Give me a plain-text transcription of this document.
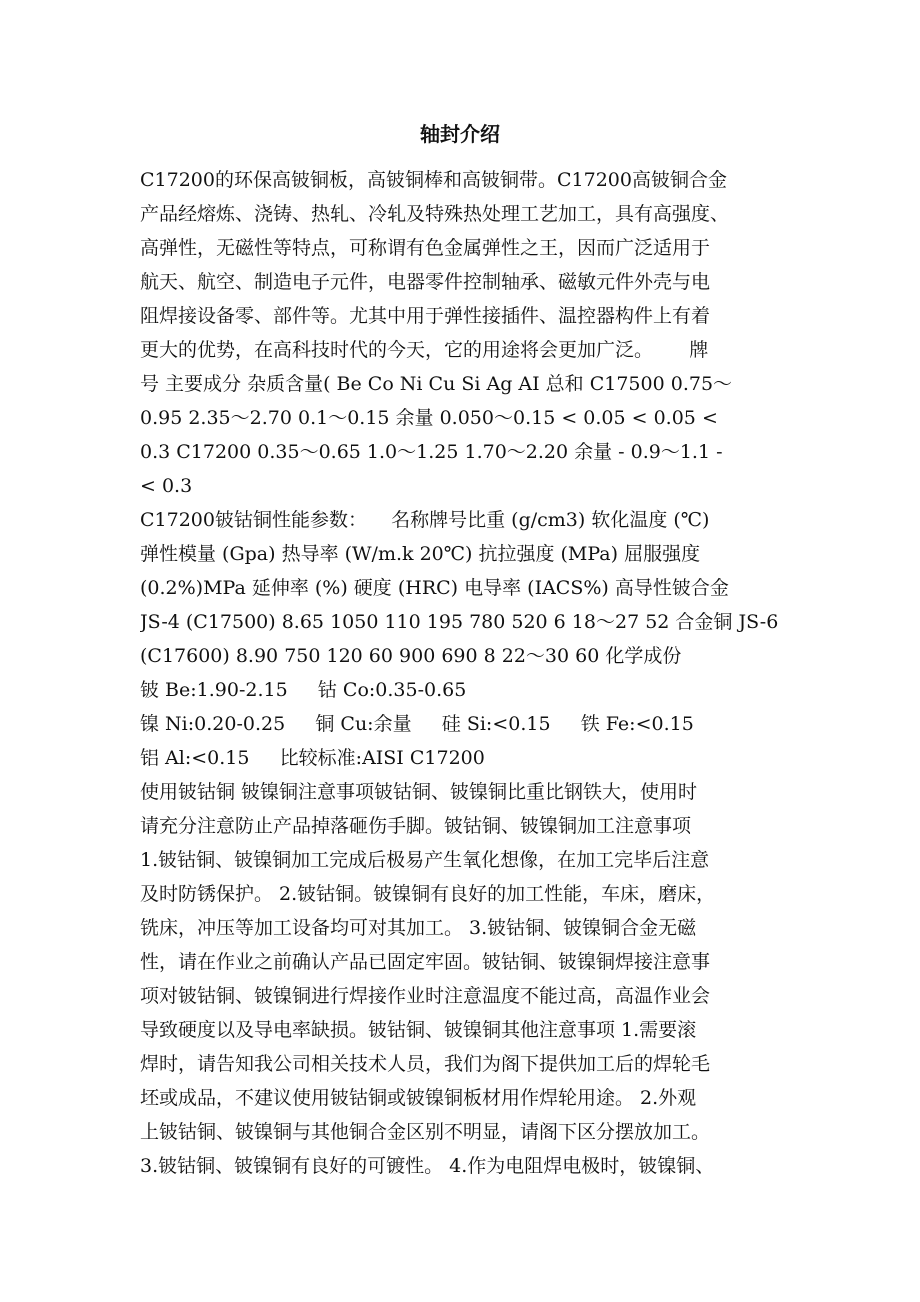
轴封介绍
C17200的环保高铍铜板，高铍铜棒和高铍铜带。C17200高铍铜合金
产品经熔炼、浇铸、热轧、冷轧及特殊热处理工艺加工，具有高强度、
高弹性，无磁性等特点，可称谓有色金属弹性之王，因而广泛适用于
航天、航空、制造电子元件，电器零件控制轴承、磁敏元件外壳与电
阻焊接设备零、部件等。尤其中用于弹性接插件、温控器构件上有着
更大的优势，在高科技时代的今天，它的用途将会更加广泛。      牌
号 主要成分 杂质含量( Be Co Ni Cu Si Ag AI 总和 C17500 0.75～
0.95 2.35～2.70 0.1～0.15 余量 0.050～0.15 < 0.05 < 0.05 <
0.3 C17200 0.35～0.65 1.0～1.25 1.70～2.20 余量 - 0.9～1.1 -
< 0.3
C17200铍钴铜性能参数：    名称牌号比重 (g/cm3) 软化温度 (℃)
弹性模量 (Gpa) 热导率 (W/m.k 20℃) 抗拉强度 (MPa) 屈服强度
(0.2%)MPa 延伸率 (%) 硬度 (HRC) 电导率 (IACS%) 高导性铍合金
JS-4 (C17500) 8.65 1050 110 195 780 520 6 18～27 52 合金铜 JS-6
(C17600) 8.90 750 120 60 900 690 8 22～30 60 化学成份
铍 Be:1.90-2.15     钴 Co:0.35-0.65
镍 Ni:0.20-0.25     铜 Cu:余量     硅 Si:<0.15     铁 Fe:<0.15
铝 Al:<0.15     比较标准:AISI C17200
使用铍钴铜 铍镍铜注意事项铍钴铜、铍镍铜比重比钢铁大，使用时
请充分注意防止产品掉落砸伤手脚。铍钴铜、铍镍铜加工注意事项
1.铍钴铜、铍镍铜加工完成后极易产生氧化想像，在加工完毕后注意
及时防锈保护。 2.铍钴铜。铍镍铜有良好的加工性能，车床，磨床，
铣床，冲压等加工设备均可对其加工。 3.铍钴铜、铍镍铜合金无磁
性，请在作业之前确认产品已固定牢固。铍钴铜、铍镍铜焊接注意事
项对铍钴铜、铍镍铜进行焊接作业时注意温度不能过高，高温作业会
导致硬度以及导电率缺损。铍钴铜、铍镍铜其他注意事项 1.需要滚
焊时，请告知我公司相关技术人员，我们为阁下提供加工后的焊轮毛
坯或成品，不建议使用铍钴铜或铍镍铜板材用作焊轮用途。 2.外观
上铍钴铜、铍镍铜与其他铜合金区别不明显，请阁下区分摆放加工。
3.铍钴铜、铍镍铜有良好的可镀性。 4.作为电阻焊电极时，铍镍铜、
